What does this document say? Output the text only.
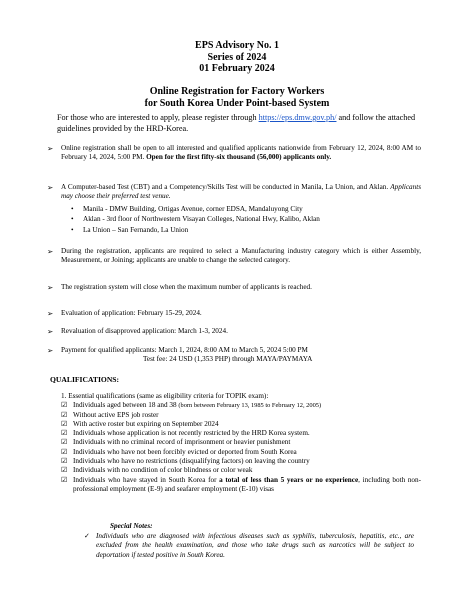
EPS Advisory No. 1
Series of 2024
01 February 2024
Online Registration for Factory Workers
for South Korea Under Point-based System
For those who are interested to apply, please register through https://eps.dmw.gov.ph/ and follow the attached guidelines provided by the HRD-Korea.
➢ Online registration shall be open to all interested and qualified applicants nationwide from February 12, 2024, 8:00 AM to February 14, 2024, 5:00 PM. Open for the first fifty-six thousand (56,000) applicants only.
➢ A Computer-based Test (CBT) and a Competency/Skills Test will be conducted in Manila, La Union, and Aklan. Applicants may choose their preferred test venue.
• Manila - DMW Building, Ortigas Avenue, corner EDSA, Mandaluyong City
• Aklan - 3rd floor of Northwestern Visayan Colleges, National Hwy, Kalibo, Aklan
• La Union – San Fernando, La Union
➢ During the registration, applicants are required to select a Manufacturing industry category which is either Assembly, Measurement, or Joining; applicants are unable to change the selected category.
➢ The registration system will close when the maximum number of applicants is reached.
➢ Evaluation of application: February 15-29, 2024.
➢ Revaluation of disapproved application: March 1-3, 2024.
➢ Payment for qualified applicants: March 1, 2024, 8:00 AM to March 5, 2024 5:00 PM
Test fee: 24 USD (1,353 PHP) through MAYA/PAYMAYA
QUALIFICATIONS:
1. Essential qualifications (same as eligibility criteria for TOPIK exam):
☑ Individuals aged between 18 and 38 (born between February 13, 1985 to February 12, 2005)
☑ Without active EPS job roster
☑ With active roster but expiring on September 2024
☑ Individuals whose application is not recently restricted by the HRD Korea system.
☑ Individuals with no criminal record of imprisonment or heavier punishment
☑ Individuals who have not been forcibly evicted or deported from South Korea
☑ Individuals who have no restrictions (disqualifying factors) on leaving the country
☑ Individuals with no condition of color blindness or color weak
☑ Individuals who have stayed in South Korea for a total of less than 5 years or no experience, including both non-professional employment (E-9) and seafarer employment (E-10) visas
Special Notes:
✓ Individuals who are diagnosed with infectious diseases such as syphilis, tuberculosis, hepatitis, etc., are excluded from the health examination, and those who take drugs such as narcotics will be subject to deportation if tested positive in South Korea.
